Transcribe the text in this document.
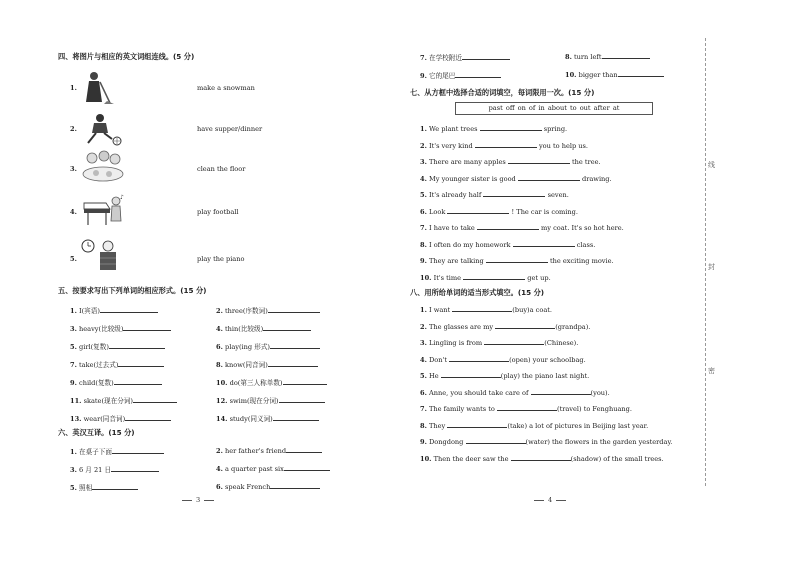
四、将图片与相应的英文词组连线。(5 分)
1.
2.
3.
4.
5.
♪
make a snowman
have supper/dinner
clean the floor
play football
play the piano
五、按要求写出下列单词的相应形式。(15 分)
1. I(宾语)	2. three(序数词)
3. heavy(比较级)	4. thin(比较级)
5. girl(复数)	6. play(ing 形式)
7. take(过去式)	8. know(同音词)
9. child(复数)	10. do(第三人称单数)
11. skate(现在分词)	12. swim(现在分词)
13. wear(同音词)	14. study(同义词)
六、英汉互译。(15 分)
1. 在桌子下面	2. her father's friend
3. 6 月 21 日	4. a quarter past six
5. 照相	6. speak French
3
7. 在学校附近	8. turn left
9. 它的尾巴	10. bigger than
七、从方框中选择合适的词填空，每词限用一次。(15 分)
past off on of in about to out after at
1. We plant trees	spring.
2. It's very kind	you to help us.
3. There are many apples	the tree.
4. My younger sister is good	drawing.
5. It's already half	seven.
6. Look	! The car is coming.
7. I have to take	my coat. It's so hot here.
8. I often do my homework	class.
9. They are talking	the exciting movie.
10. It's time	get up.
八、用所给单词的适当形式填空。(15 分)
1. I want	(buy)a coat.
2. The glasses are my	(grandpa).
3. Lingling is from	(Chinese).
4. Don't	(open) your schoolbag.
5. He	(play) the piano last night.
6. Anne, you should take care of	(you).
7. The family wants to	(travel) to Fenghuang.
8. They	(take) a lot of pictures in Beijing last year.
9. Dongdong	(water) the flowers in the garden yesterday.
10. Then the deer saw the	(shadow) of the small trees.
4
线
封
密
